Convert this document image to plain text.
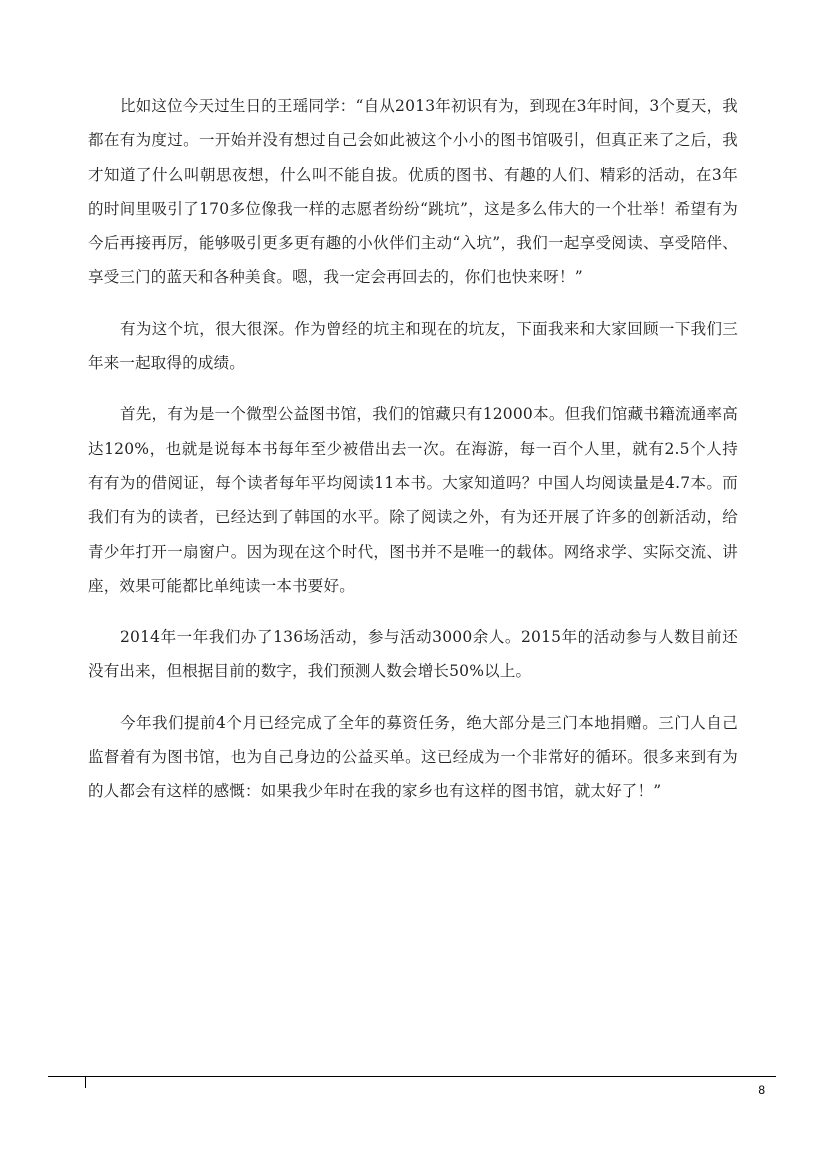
比如这位今天过生日的王瑶同学：“自从2013年初识有为，到现在3年时间，3个夏天，我都在有为度过。一开始并没有想过自己会如此被这个小小的图书馆吸引，但真正来了之后，我才知道了什么叫朝思夜想，什么叫不能自拔。优质的图书、有趣的人们、精彩的活动，在3年的时间里吸引了170多位像我一样的志愿者纷纷“跳坑”，这是多么伟大的一个壮举！希望有为今后再接再厉，能够吸引更多更有趣的小伙伴们主动“入坑”，我们一起享受阅读、享受陪伴、享受三门的蓝天和各种美食。嗯，我一定会再回去的，你们也快来呀！”

有为这个坑，很大很深。作为曾经的坑主和现在的坑友，下面我来和大家回顾一下我们三年来一起取得的成绩。

首先，有为是一个微型公益图书馆，我们的馆藏只有12000本。但我们馆藏书籍流通率高达120%，也就是说每本书每年至少被借出去一次。在海游，每一百个人里，就有2.5个人持有有为的借阅证，每个读者每年平均阅读11本书。大家知道吗？中国人均阅读量是4.7本。而我们有为的读者，已经达到了韩国的水平。除了阅读之外，有为还开展了许多的创新活动，给青少年打开一扇窗户。因为现在这个时代，图书并不是唯一的载体。网络求学、实际交流、讲座，效果可能都比单纯读一本书要好。

2014年一年我们办了136场活动，参与活动3000余人。2015年的活动参与人数目前还没有出来，但根据目前的数字，我们预测人数会增长50%以上。

今年我们提前4个月已经完成了全年的募资任务，绝大部分是三门本地捐赠。三门人自己监督着有为图书馆，也为自己身边的公益买单。这已经成为一个非常好的循环。很多来到有为的人都会有这样的感慨：如果我少年时在我的家乡也有这样的图书馆，就太好了！”

8
